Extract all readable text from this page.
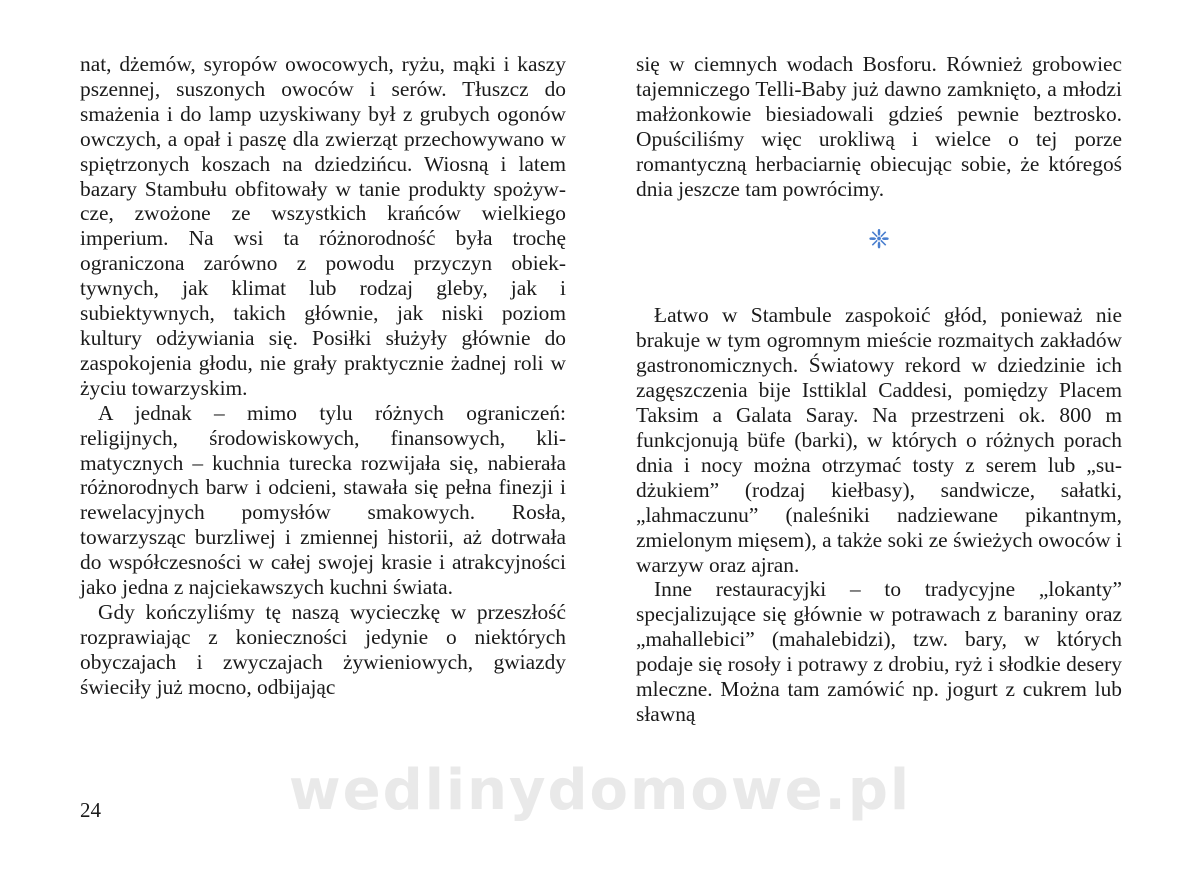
nat, dżemów, syropów owocowych, ryżu, mąki i kaszy pszennej, suszonych owoców i serów. Tłuszcz do smażenia i do lamp uzyskiwany był z grubych ogonów owczych, a opał i paszę dla zwierząt przechowywano w spiętrzonych koszach na dziedzińcu. Wiosną i latem bazary Stambułu obfitowały w tanie produkty spożywcze, zwożone ze wszystkich krańców wielkiego imperium. Na wsi ta różnorodność była trochę ograniczona zarówno z powodu przyczyn obiektywnych, jak klimat lub rodzaj gleby, jak i subiektywnych, takich głównie, jak niski poziom kultury odżywiania się. Posiłki służyły głównie do zaspokojenia głodu, nie grały praktycznie żadnej roli w życiu towarzyskim.

A jednak – mimo tylu różnych ograniczeń: religijnych, środowiskowych, finansowych, klimatycznych – kuchnia turecka rozwijała się, nabierała różnorodnych barw i odcieni, stawała się pełna finezji i rewelacyjnych pomysłów smakowych. Rosła, towarzysząc burzliwej i zmiennej historii, aż dotrwała do współczesności w całej swojej krasie i atrakcyjności jako jedna z najciekawszych kuchni świata.

Gdy kończyliśmy tę naszą wycieczkę w przeszłość rozprawiając z konieczności jedynie o niektórych obyczajach i zwyczajach żywieniowych, gwiazdy świeciły już mocno, odbijając

się w ciemnych wodach Bosforu. Również grobowiec tajemniczego Telli-Baby już dawno zamknięto, a młodzi małżonkowie biesiadowali gdzieś pewnie beztrosko. Opuściliśmy więc urokliwą i wielce o tej porze romantyczną herbaciarnię obiecując sobie, że któregoś dnia jeszcze tam powrócimy.

❈

Łatwo w Stambule zaspokoić głód, ponieważ nie brakuje w tym ogromnym mieście rozmaitych zakładów gastronomicznych. Światowy rekord w dziedzinie ich zagęszczenia bije Isttiklal Caddesi, pomiędzy Placem Taksim a Galata Saray. Na przestrzeni ok. 800 m funkcjonują büfe (barki), w których o różnych porach dnia i nocy można otrzymać tosty z serem lub „sudżukiem” (rodzaj kiełbasy), sandwicze, sałatki, „lahmaczunu” (naleśniki nadziewane pikantnym, zmielonym mięsem), a także soki ze świeżych owoców i warzyw oraz ajran.

Inne restauracyjki – to tradycyjne „lokanty” specjalizujące się głównie w potrawach z baraniny oraz „mahallebici” (mahalebidzi), tzw. bary, w których podaje się rosoły i potrawy z drobiu, ryż i słodkie desery mleczne. Można tam zamówić np. jogurt z cukrem lub sławną

24	wedlinydomowe.pl
